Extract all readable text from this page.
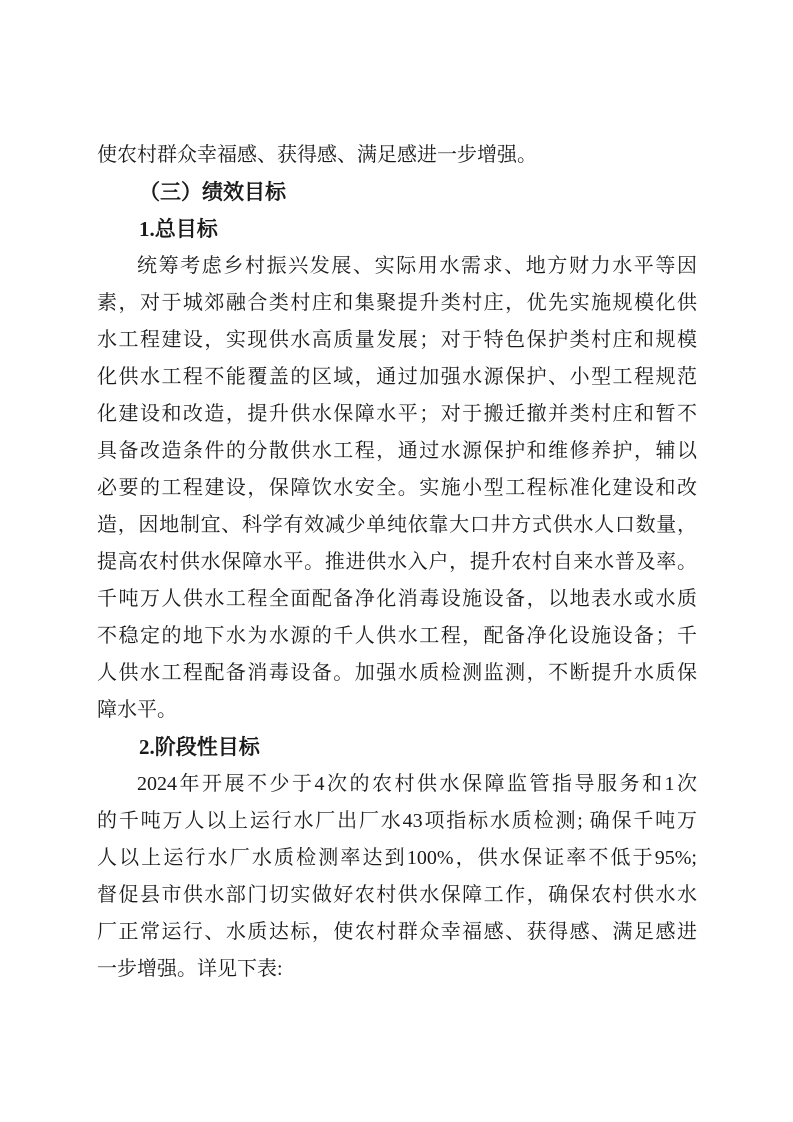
使农村群众幸福感、获得感、满足感进一步增强。
（三）绩效目标
1.总目标
统筹考虑乡村振兴发展、实际用水需求、地方财力水平等因
素，对于城郊融合类村庄和集聚提升类村庄，优先实施规模化供
水工程建设，实现供水高质量发展；对于特色保护类村庄和规模
化供水工程不能覆盖的区域，通过加强水源保护、小型工程规范
化建设和改造，提升供水保障水平；对于搬迁撤并类村庄和暂不
具备改造条件的分散供水工程，通过水源保护和维修养护，辅以
必要的工程建设，保障饮水安全。实施小型工程标准化建设和改
造，因地制宜、科学有效减少单纯依靠大口井方式供水人口数量，
提高农村供水保障水平。推进供水入户，提升农村自来水普及率。
千吨万人供水工程全面配备净化消毒设施设备，以地表水或水质
不稳定的地下水为水源的千人供水工程，配备净化设施设备；千
人供水工程配备消毒设备。加强水质检测监测，不断提升水质保
障水平。
2.阶段性目标
2024年开展不少于4次的农村供水保障监管指导服务和1次
的千吨万人以上运行水厂出厂水43项指标水质检测; 确保千吨万
人以上运行水厂水质检测率达到100%，供水保证率不低于95%;
督促县市供水部门切实做好农村供水保障工作，确保农村供水水
厂正常运行、水质达标，使农村群众幸福感、获得感、满足感进
一步增强。详见下表:
